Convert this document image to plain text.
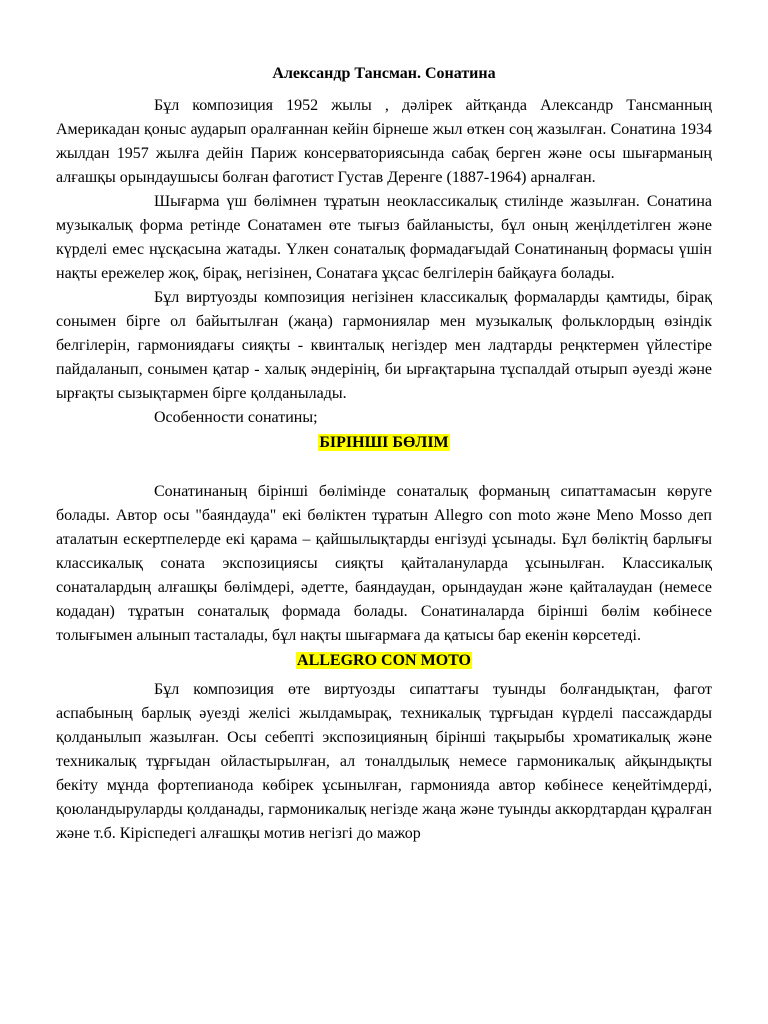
Александр Тансман. Сонатина

Бұл композиция 1952 жылы , дәлірек айтқанда Александр Тансманның Америкадан қоныс аударып оралғаннан кейін бірнеше жыл өткен соң жазылған. Сонатина 1934 жылдан 1957 жылға дейін Париж консерваториясында сабақ берген және осы шығарманың алғашқы орындаушысы болған фаготист Густав Деренге (1887-1964) арналған.

Шығарма үш бөлімнен тұратын неоклассикалық стилінде жазылған. Сонатина музыкалық форма ретінде Сонатамен өте тығыз байланысты, бұл оның жеңілдетілген және күрделі емес нұсқасына жатады. Үлкен сонаталық формадағыдай Сонатинаның формасы үшін нақты ережелер жоқ, бірақ, негізінен, Сонатаға ұқсас белгілерін байқауға болады.

Бұл виртуозды композиция негізінен классикалық формаларды қамтиды, бірақ сонымен бірге ол байытылған (жаңа) гармониялар мен музыкалық фольклордың өзіндік белгілерін, гармониядағы сияқты - квинталық негіздер мен ладтарды реңктермен үйлестіре пайдаланып, сонымен қатар - халық әндерінің, би ырғақтарына тұспалдай отырып әуезді және ырғақты сызықтармен бірге қолданылады.

Особенности сонатины;

БІРІНШІ БӨЛІМ

Сонатинаның бірінші бөлімінде сонаталық форманың сипаттамасын көруге болады. Автор осы "баяндауда" екі бөліктен тұратын Allegro con moto және Meno Mosso деп аталатын ескертпелерде екі қарама – қайшылықтарды енгізуді ұсынады. Бұл бөліктің барлығы классикалық соната экспозициясы сияқты қайталануларда ұсынылған. Классикалық сонаталардың алғашқы бөлімдері, әдетте, баяндаудан, орындаудан және қайталаудан (немесе кодадан) тұратын сонаталық формада болады. Сонатиналарда бірінші бөлім көбінесе толығымен алынып тасталады, бұл нақты шығармаға да қатысы бар екенін көрсетеді.

ALLEGRO CON MOTO

Бұл композиция өте виртуозды сипаттағы туынды болғандықтан, фагот аспабының барлық әуезді желісі жылдамырақ, техникалық тұрғыдан күрделі пассаждарды қолданылып жазылған. Осы себепті экспозицияның бірінші тақырыбы хроматикалық және техникалық тұрғыдан ойластырылған, ал тоналдылық немесе гармоникалық айқындықты бекіту мұнда фортепианода көбірек ұсынылған, гармонияда автор көбінесе кеңейтімдерді, қоюландыруларды қолданады, гармоникалық негізде жаңа және туынды аккордтардан құралған және т.б. Кіріспедегі алғашқы мотив негізгі до мажор
